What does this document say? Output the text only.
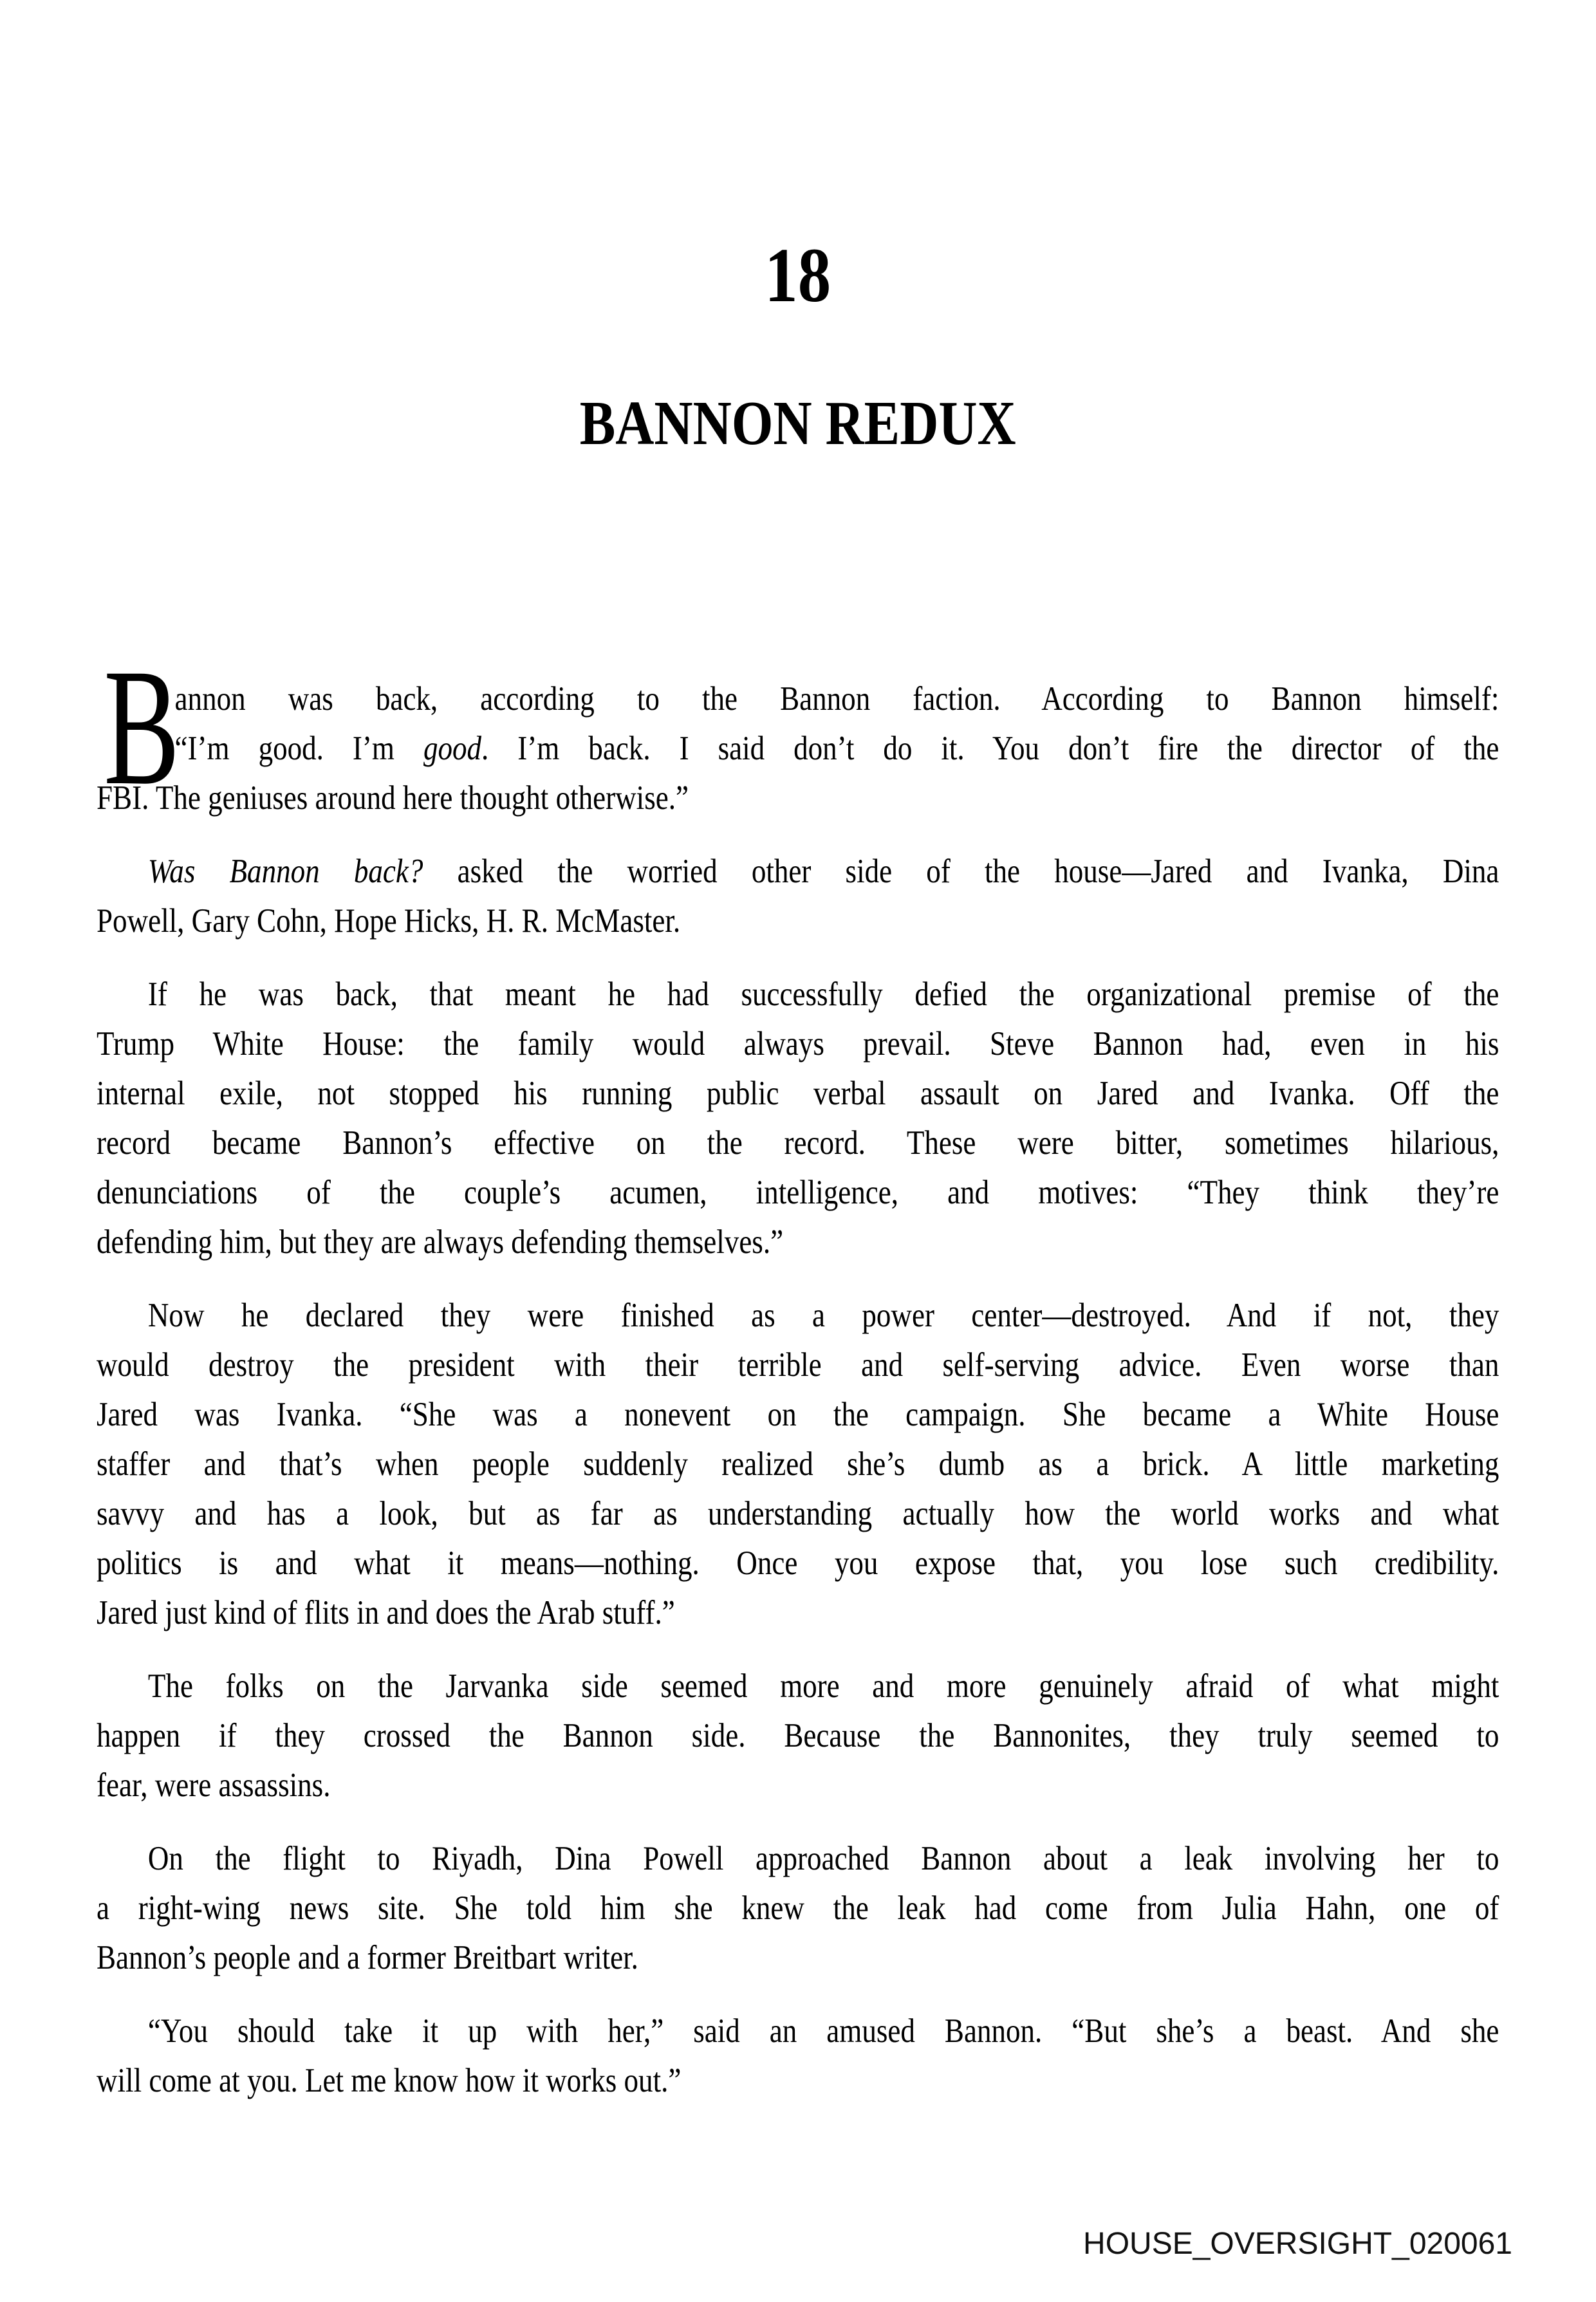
18
BANNON REDUX
B
annon was back, according to the Bannon faction. According to Bannon himself:
“I’m good. I’m good. I’m back. I said don’t do it. You don’t fire the director of the
FBI. The geniuses around here thought otherwise.”
Was Bannon back? asked the worried other side of the house—Jared and Ivanka, Dina
Powell, Gary Cohn, Hope Hicks, H. R. McMaster.
If he was back, that meant he had successfully defied the organizational premise of the
Trump White House: the family would always prevail. Steve Bannon had, even in his
internal exile, not stopped his running public verbal assault on Jared and Ivanka. Off the
record became Bannon’s effective on the record. These were bitter, sometimes hilarious,
denunciations of the couple’s acumen, intelligence, and motives: “They think they’re
defending him, but they are always defending themselves.”
Now he declared they were finished as a power center—destroyed. And if not, they
would destroy the president with their terrible and self-serving advice. Even worse than
Jared was Ivanka. “She was a nonevent on the campaign. She became a White House
staffer and that’s when people suddenly realized she’s dumb as a brick. A little marketing
savvy and has a look, but as far as understanding actually how the world works and what
politics is and what it means—nothing. Once you expose that, you lose such credibility.
Jared just kind of flits in and does the Arab stuff.”
The folks on the Jarvanka side seemed more and more genuinely afraid of what might
happen if they crossed the Bannon side. Because the Bannonites, they truly seemed to
fear, were assassins.
On the flight to Riyadh, Dina Powell approached Bannon about a leak involving her to
a right-wing news site. She told him she knew the leak had come from Julia Hahn, one of
Bannon’s people and a former Breitbart writer.
“You should take it up with her,” said an amused Bannon. “But she’s a beast. And she
will come at you. Let me know how it works out.”
HOUSE_OVERSIGHT_020061
